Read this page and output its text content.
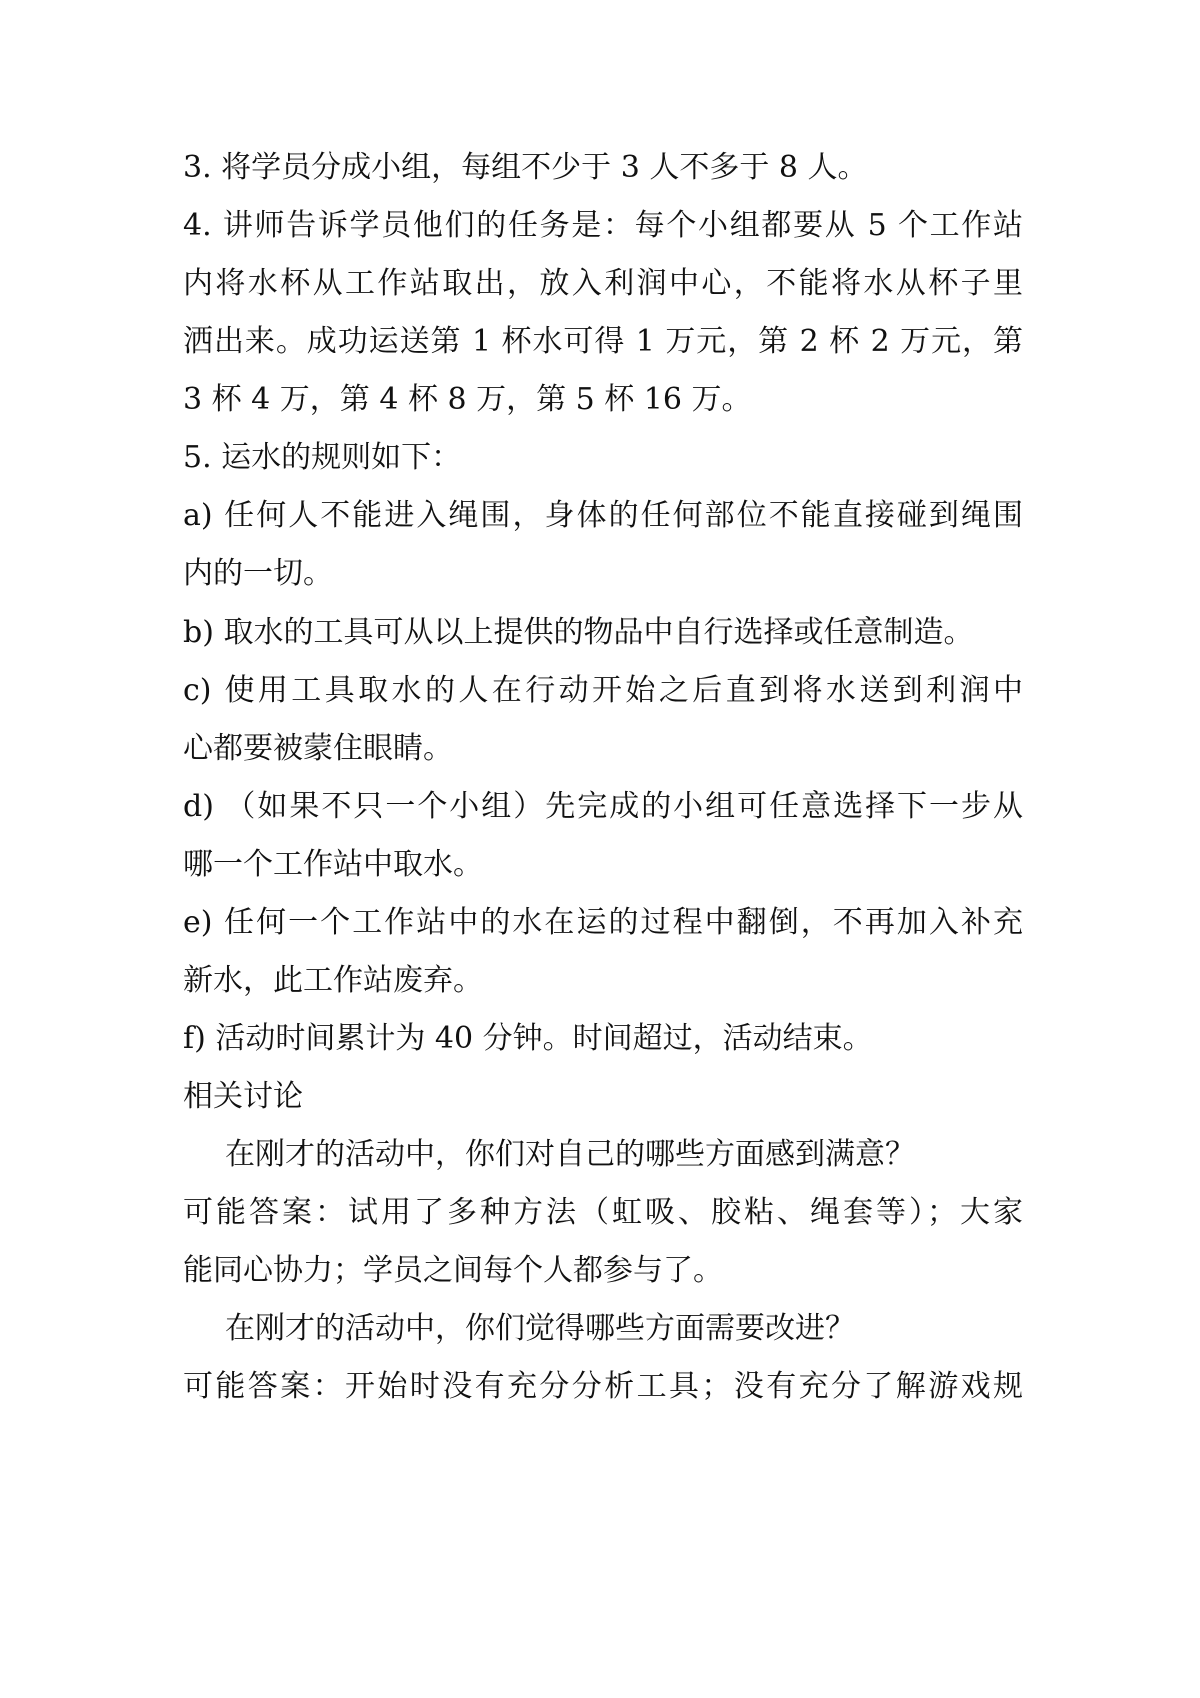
3. 将学员分成小组，每组不少于 3 人不多于 8 人。
4. 讲师告诉学员他们的任务是：每个小组都要从 5 个工作站
内将水杯从工作站取出，放入利润中心，不能将水从杯子里
洒出来。成功运送第 1 杯水可得 1 万元，第 2 杯 2 万元，第
3 杯 4 万，第 4 杯 8 万，第 5 杯 16 万。
5. 运水的规则如下：
a) 任何人不能进入绳围，身体的任何部位不能直接碰到绳围
内的一切。
b) 取水的工具可从以上提供的物品中自行选择或任意制造。
c) 使用工具取水的人在行动开始之后直到将水送到利润中
心都要被蒙住眼睛。
d) （如果不只一个小组）先完成的小组可任意选择下一步从
哪一个工作站中取水。
e) 任何一个工作站中的水在运的过程中翻倒，不再加入补充
新水，此工作站废弃。
f) 活动时间累计为 40 分钟。时间超过，活动结束。
相关讨论
在刚才的活动中，你们对自己的哪些方面感到满意？
可能答案：试用了多种方法（虹吸、胶粘、绳套等）；大家
能同心协力；学员之间每个人都参与了。
在刚才的活动中，你们觉得哪些方面需要改进？
可能答案：开始时没有充分分析工具；没有充分了解游戏规
